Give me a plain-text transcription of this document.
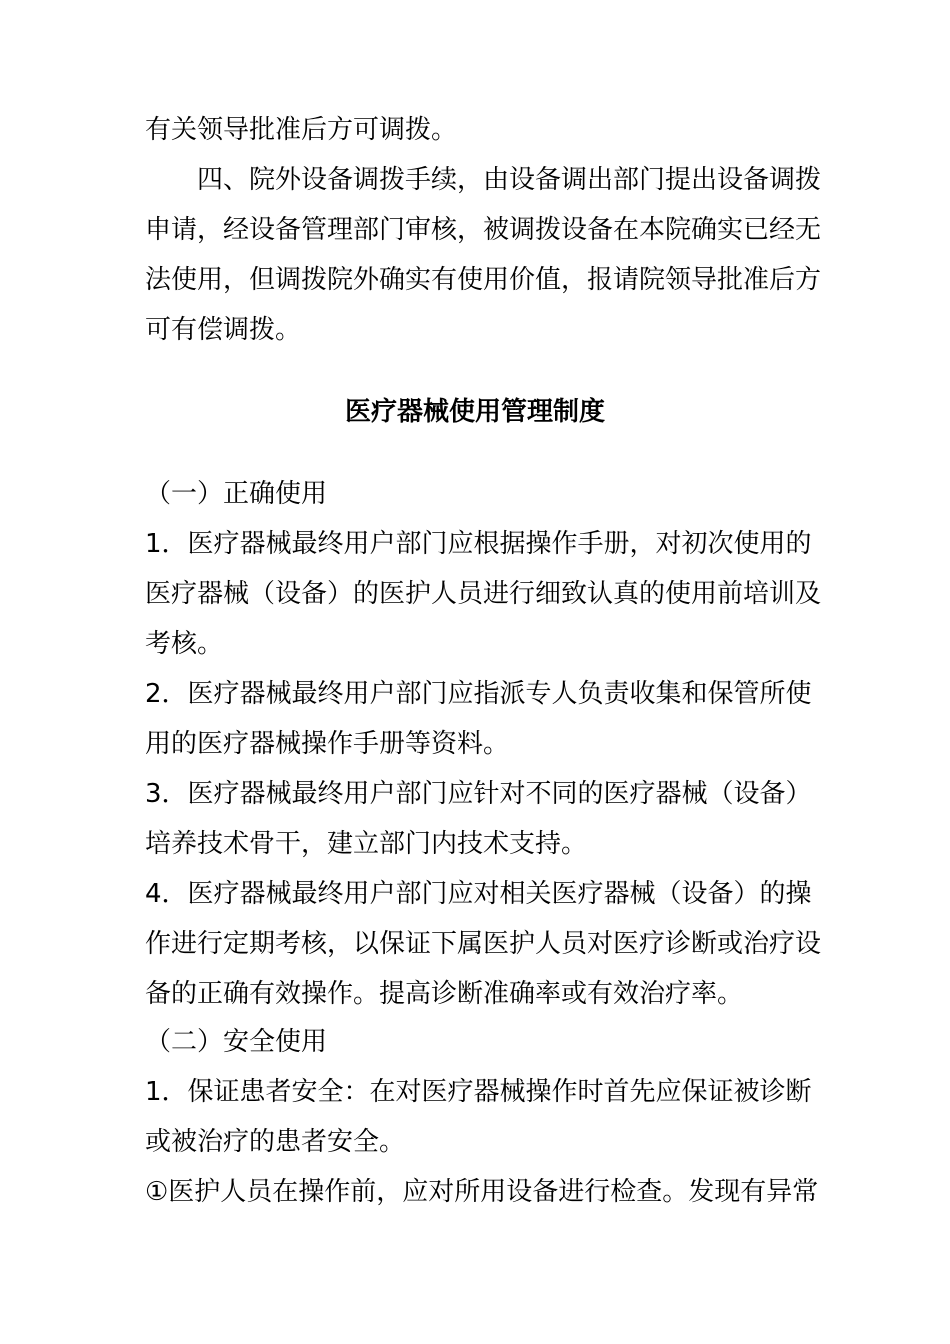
有关领导批准后方可调拨。
四、院外设备调拨手续，由设备调出部门提出设备调拨
申请，经设备管理部门审核，被调拨设备在本院确实已经无
法使用，但调拨院外确实有使用价值，报请院领导批准后方
可有偿调拨。
医疗器械使用管理制度
（一）正确使用
1．医疗器械最终用户部门应根据操作手册，对初次使用的
医疗器械（设备）的医护人员进行细致认真的使用前培训及
考核。
2．医疗器械最终用户部门应指派专人负责收集和保管所使
用的医疗器械操作手册等资料。
3．医疗器械最终用户部门应针对不同的医疗器械（设备）
培养技术骨干，建立部门内技术支持。
4．医疗器械最终用户部门应对相关医疗器械（设备）的操
作进行定期考核，以保证下属医护人员对医疗诊断或治疗设
备的正确有效操作。提高诊断准确率或有效治疗率。
（二）安全使用
1．保证患者安全：在对医疗器械操作时首先应保证被诊断
或被治疗的患者安全。
①医护人员在操作前，应对所用设备进行检查。发现有异常
